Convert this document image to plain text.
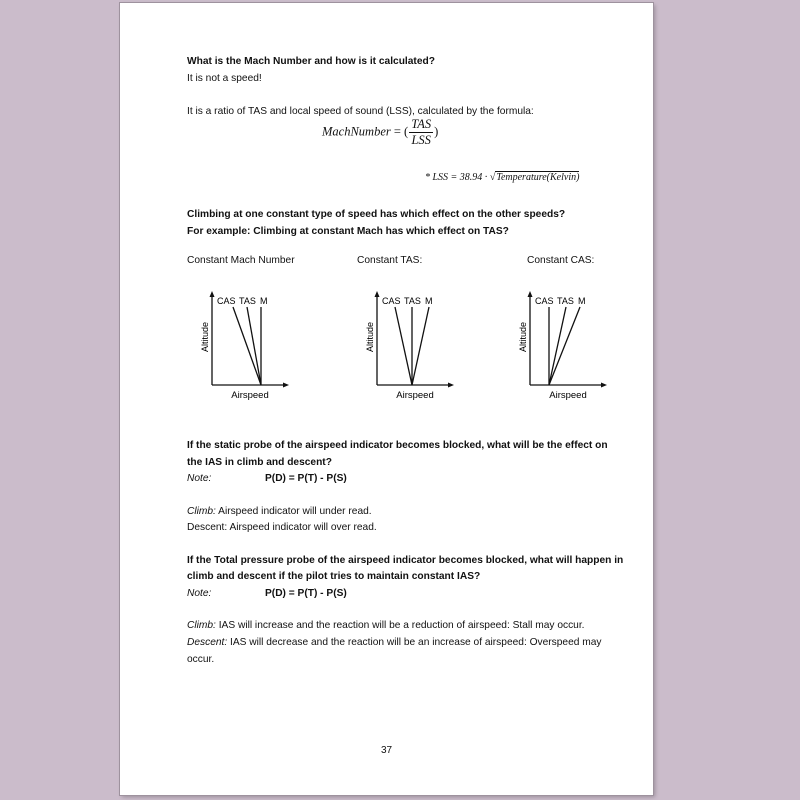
What is the Mach Number and how is it calculated?
It is not a speed!
It is a ratio of TAS and local speed of sound (LSS), calculated by the formula:
MachNumber = ( $\frac{\text{TAS}}{\text{LSS}}$ )
* LSS = 38.94 · √Temperature(Kelvin)
Climbing at one constant type of speed has which effect on the other speeds?
For example: Climbing at constant Mach has which effect on TAS?
Constant Mach Number	Constant TAS:	Constant CAS:
CAS TAS M
Altitude
Airspeed
CAS TAS M
Altitude
Airspeed
CAS TAS M
Altitude
Airspeed
If the static probe of the airspeed indicator becomes blocked, what will be the effect on
the IAS in climb and descent?
Note:	P(D) = P(T) - P(S)
Climb: Airspeed indicator will under read.
Descent: Airspeed indicator will over read.
If the Total pressure probe of the airspeed indicator becomes blocked, what will happen in
climb and descent if the pilot tries to maintain constant IAS?
Note:	P(D) = P(T) - P(S)
Climb: IAS will increase and the reaction will be a reduction of airspeed: Stall may occur.
Descent: IAS will decrease and the reaction will be an increase of airspeed: Overspeed may
occur.
37
